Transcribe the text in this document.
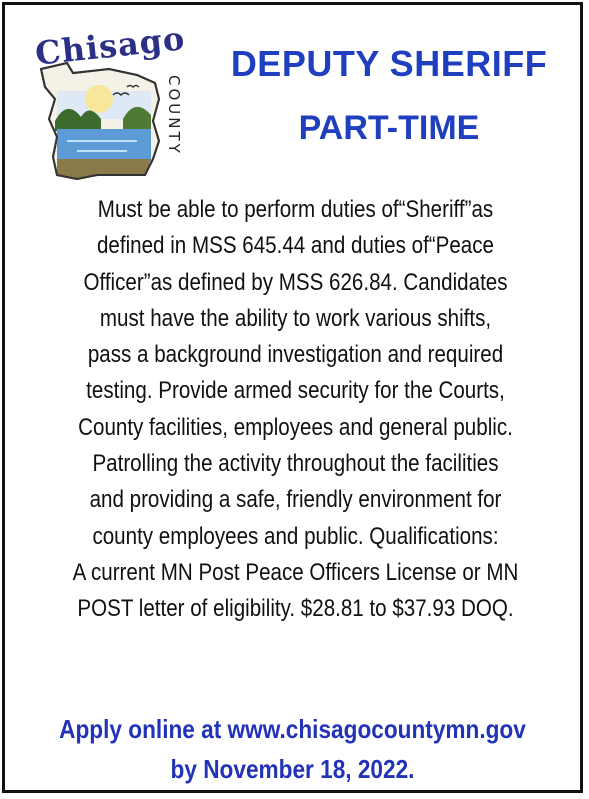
Chisago
COUNTY
DEPUTY SHERIFF
PART-TIME
Must be able to perform duties of“Sheriff”as
defined in MSS 645.44 and duties of“Peace
Officer”as defined by MSS 626.84. Candidates
must have the ability to work various shifts,
pass a background investigation and required
testing. Provide armed security for the Courts,
County facilities, employees and general public.
Patrolling the activity throughout the facilities
and providing a safe, friendly environment for
county employees and public. Qualifications:
A current MN Post Peace Officers License or MN
POST letter of eligibility. $28.81 to $37.93 DOQ.
Apply online at www.chisagocountymn.gov
by November 18, 2022.
